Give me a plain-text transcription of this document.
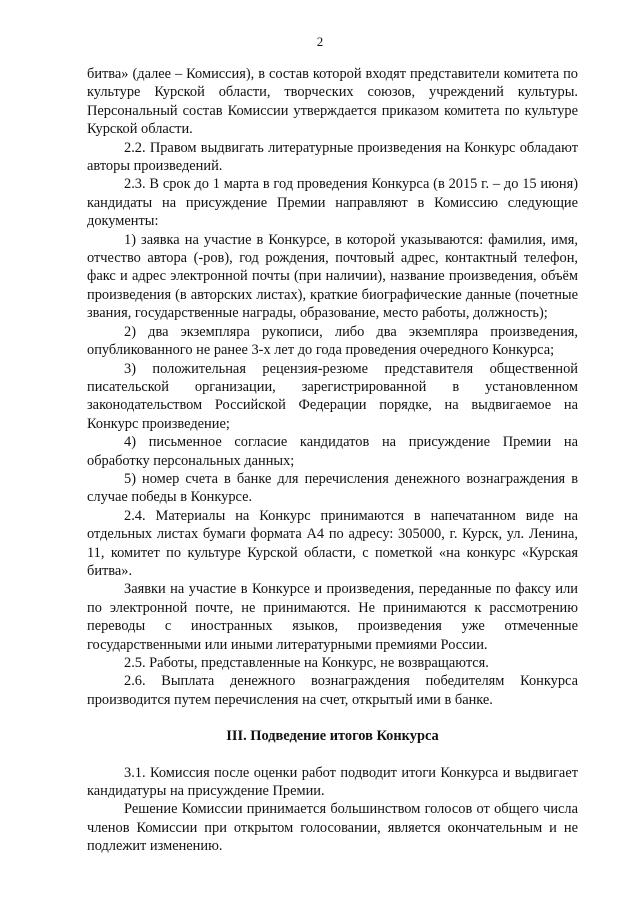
2

битва» (далее – Комиссия), в состав которой входят представители комитета по культуре Курской области, творческих союзов, учреждений культуры. Персональный состав Комиссии утверждается приказом комитета по культуре Курской области.

2.2. Правом выдвигать литературные произведения на Конкурс обладают авторы произведений.

2.3. В срок до 1 марта в год проведения Конкурса (в 2015 г. – до 15 июня) кандидаты на присуждение Премии направляют в Комиссию следующие документы:

1) заявка на участие в Конкурсе, в которой указываются: фамилия, имя, отчество автора (-ров), год рождения, почтовый адрес, контактный телефон, факс и адрес электронной почты (при наличии), название произведения, объём произведения (в авторских листах), краткие биографические данные (почетные звания, государственные награды, образование, место работы, должность);

2) два экземпляра рукописи, либо два экземпляра произведения, опубликованного не ранее 3-х лет до года проведения очередного Конкурса;

3) положительная рецензия-резюме представителя общественной писательской организации, зарегистрированной в установленном законодательством Российской Федерации порядке, на выдвигаемое на Конкурс произведение;

4) письменное согласие кандидатов на присуждение Премии на обработку персональных данных;

5) номер счета в банке для перечисления денежного вознаграждения в случае победы в Конкурсе.

2.4. Материалы на Конкурс принимаются в напечатанном виде на отдельных листах бумаги формата А4 по адресу: 305000, г. Курск, ул. Ленина, 11, комитет по культуре Курской области, с пометкой «на конкурс «Курская битва».

Заявки на участие в Конкурсе и произведения, переданные по факсу или по электронной почте, не принимаются. Не принимаются к рассмотрению переводы с иностранных языков, произведения уже отмеченные государственными или иными литературными премиями России.

2.5. Работы, представленные на Конкурс, не возвращаются.

2.6. Выплата денежного вознаграждения победителям Конкурса производится путем перечисления на счет, открытый ими в банке.

III. Подведение итогов Конкурса

3.1. Комиссия после оценки работ подводит итоги Конкурса и выдвигает кандидатуры на присуждение Премии.

Решение Комиссии принимается большинством голосов от общего числа членов Комиссии при открытом голосовании, является окончательным и не подлежит изменению.
